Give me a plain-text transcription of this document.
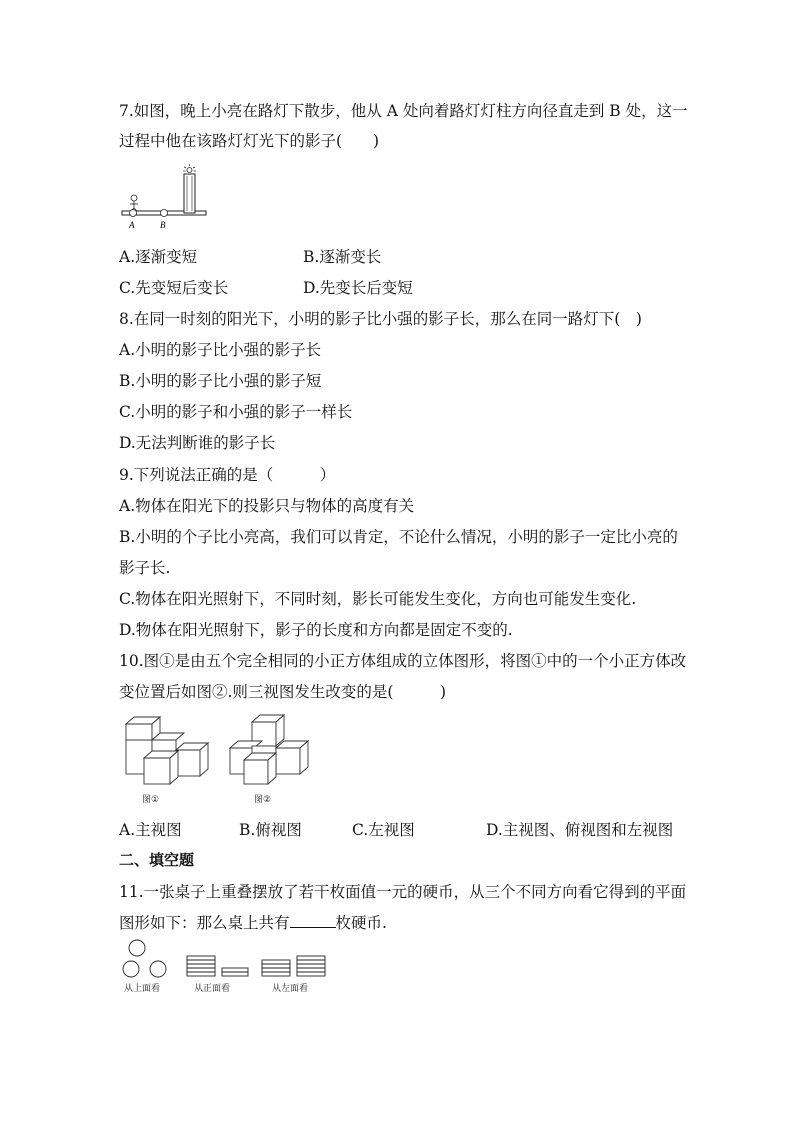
7.如图，晚上小亮在路灯下散步，他从 A 处向着路灯灯柱方向径直走到 B 处，这一
过程中他在该路灯灯光下的影子(　　)
A	B
A.逐渐变短	B.逐渐变长
C.先变短后变长	D.先变长后变短
8.在同一时刻的阳光下，小明的影子比小强的影子长，那么在同一路灯下(　)
A.小明的影子比小强的影子长
B.小明的影子比小强的影子短
C.小明的影子和小强的影子一样长
D.无法判断谁的影子长
9.下列说法正确的是（　　　）
A.物体在阳光下的投影只与物体的高度有关
B.小明的个子比小亮高，我们可以肯定，不论什么情况，小明的影子一定比小亮的
影子长.
C.物体在阳光照射下，不同时刻，影长可能发生变化，方向也可能发生变化.
D.物体在阳光照射下，影子的长度和方向都是固定不变的.
10.图①是由五个完全相同的小正方体组成的立体图形，将图①中的一个小正方体改
变位置后如图②.则三视图发生改变的是(　　　)
图①	图②
A.主视图	B.俯视图	C.左视图	D.主视图、俯视图和左视图
二、填空题
11.一张桌子上重叠摆放了若干枚面值一元的硬币，从三个不同方向看它得到的平面
图形如下：那么桌上共有	枚硬币.
从上面看	从正面看	从左面看
